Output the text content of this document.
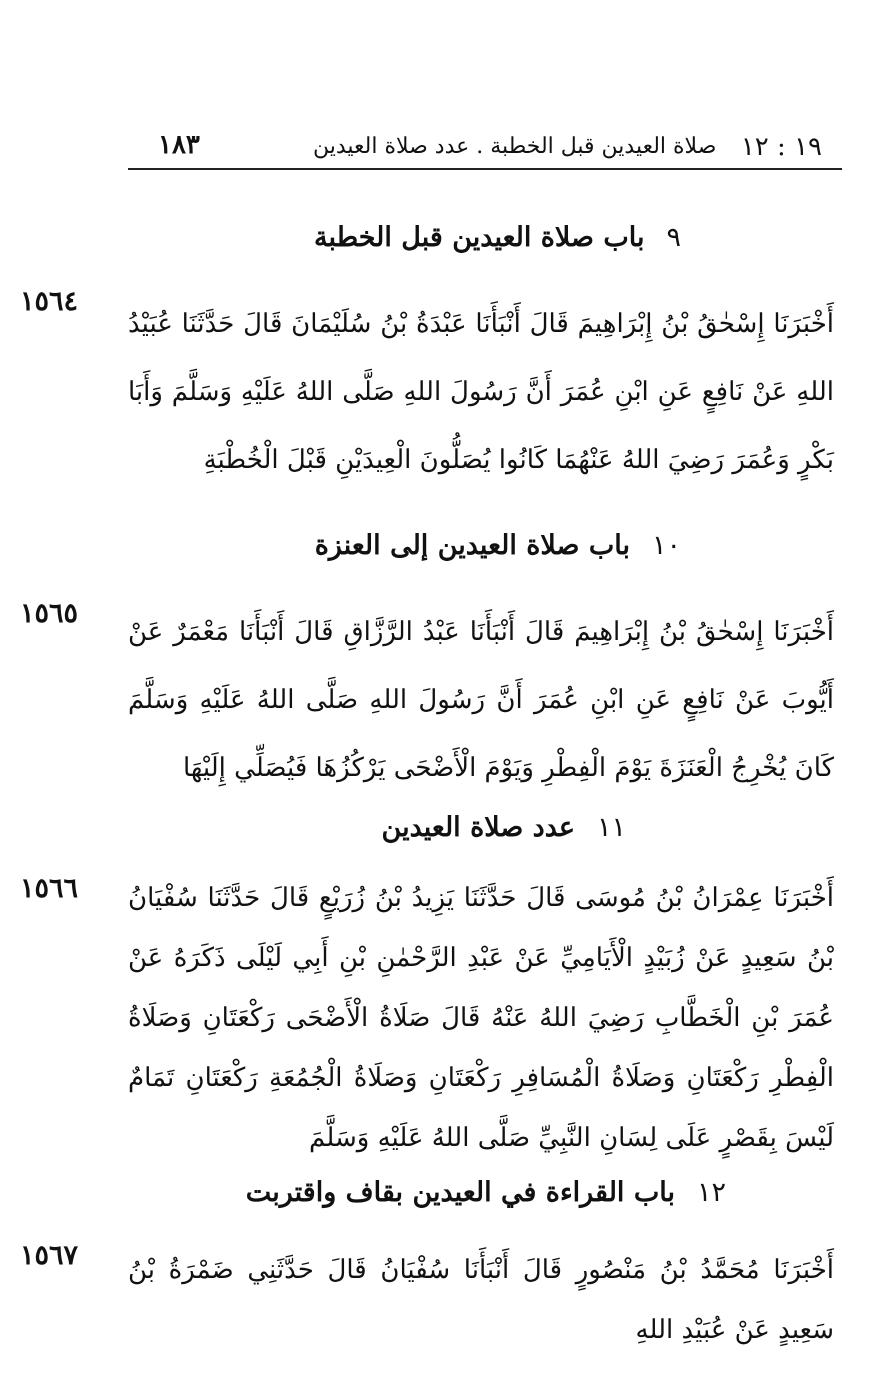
١٨٣	صلاة العيدين قبل الخطبة . عدد صلاة العيدين ١٩ : ١٢
٩باب صلاة العيدين قبل الخطبة
١٥٦٤
أَخْبَرَنَا إِسْحٰقُ بْنُ إِبْرَاهِيمَ قَالَ أَنْبَأَنَا عَبْدَةُ بْنُ سُلَيْمَانَ قَالَ حَدَّثَنَا عُبَيْدُ اللهِ عَنْ نَافِعٍ عَنِ ابْنِ عُمَرَ أَنَّ رَسُولَ اللهِ صَلَّى اللهُ عَلَيْهِ وَسَلَّمَ وَأَبَا بَكْرٍ وَعُمَرَ رَضِيَ اللهُ عَنْهُمَا كَانُوا يُصَلُّونَ الْعِيدَيْنِ قَبْلَ الْخُطْبَةِ
١٠باب صلاة العيدين إلى العنزة
١٥٦٥
أَخْبَرَنَا إِسْحٰقُ بْنُ إِبْرَاهِيمَ قَالَ أَنْبَأَنَا عَبْدُ الرَّزَّاقِ قَالَ أَنْبَأَنَا مَعْمَرٌ عَنْ أَيُّوبَ عَنْ نَافِعٍ عَنِ ابْنِ عُمَرَ أَنَّ رَسُولَ اللهِ صَلَّى اللهُ عَلَيْهِ وَسَلَّمَ كَانَ يُخْرِجُ الْعَنَزَةَ يَوْمَ الْفِطْرِ وَيَوْمَ الْأَضْحَى يَرْكُزُهَا فَيُصَلِّي إِلَيْهَا
١١عدد صلاة العيدين
١٥٦٦ أَخْبَرَنَا عِمْرَانُ بْنُ مُوسَى قَالَ حَدَّثَنَا يَزِيدُ بْنُ زُرَيْعٍ قَالَ حَدَّثَنَا سُفْيَانُ بْنُ سَعِيدٍ عَنْ زُبَيْدٍ الْأَيَامِيِّ عَنْ عَبْدِ الرَّحْمٰنِ بْنِ أَبِي لَيْلَى ذَكَرَهُ عَنْ عُمَرَ بْنِ الْخَطَّابِ رَضِيَ اللهُ عَنْهُ قَالَ صَلَاةُ الْأَضْحَى رَكْعَتَانِ وَصَلَاةُ الْفِطْرِ رَكْعَتَانِ وَصَلَاةُ الْمُسَافِرِ رَكْعَتَانِ وَصَلَاةُ الْجُمُعَةِ رَكْعَتَانِ تَمَامٌ لَيْسَ بِقَصْرٍ عَلَى لِسَانِ النَّبِيِّ صَلَّى اللهُ عَلَيْهِ وَسَلَّمَ
١٢باب القراءة في العيدين بقاف واقتربت
١٥٦٧ أَخْبَرَنَا مُحَمَّدُ بْنُ مَنْصُورٍ قَالَ أَنْبَأَنَا سُفْيَانُ قَالَ حَدَّثَنِي ضَمْرَةُ بْنُ سَعِيدٍ عَنْ عُبَيْدِ اللهِ
